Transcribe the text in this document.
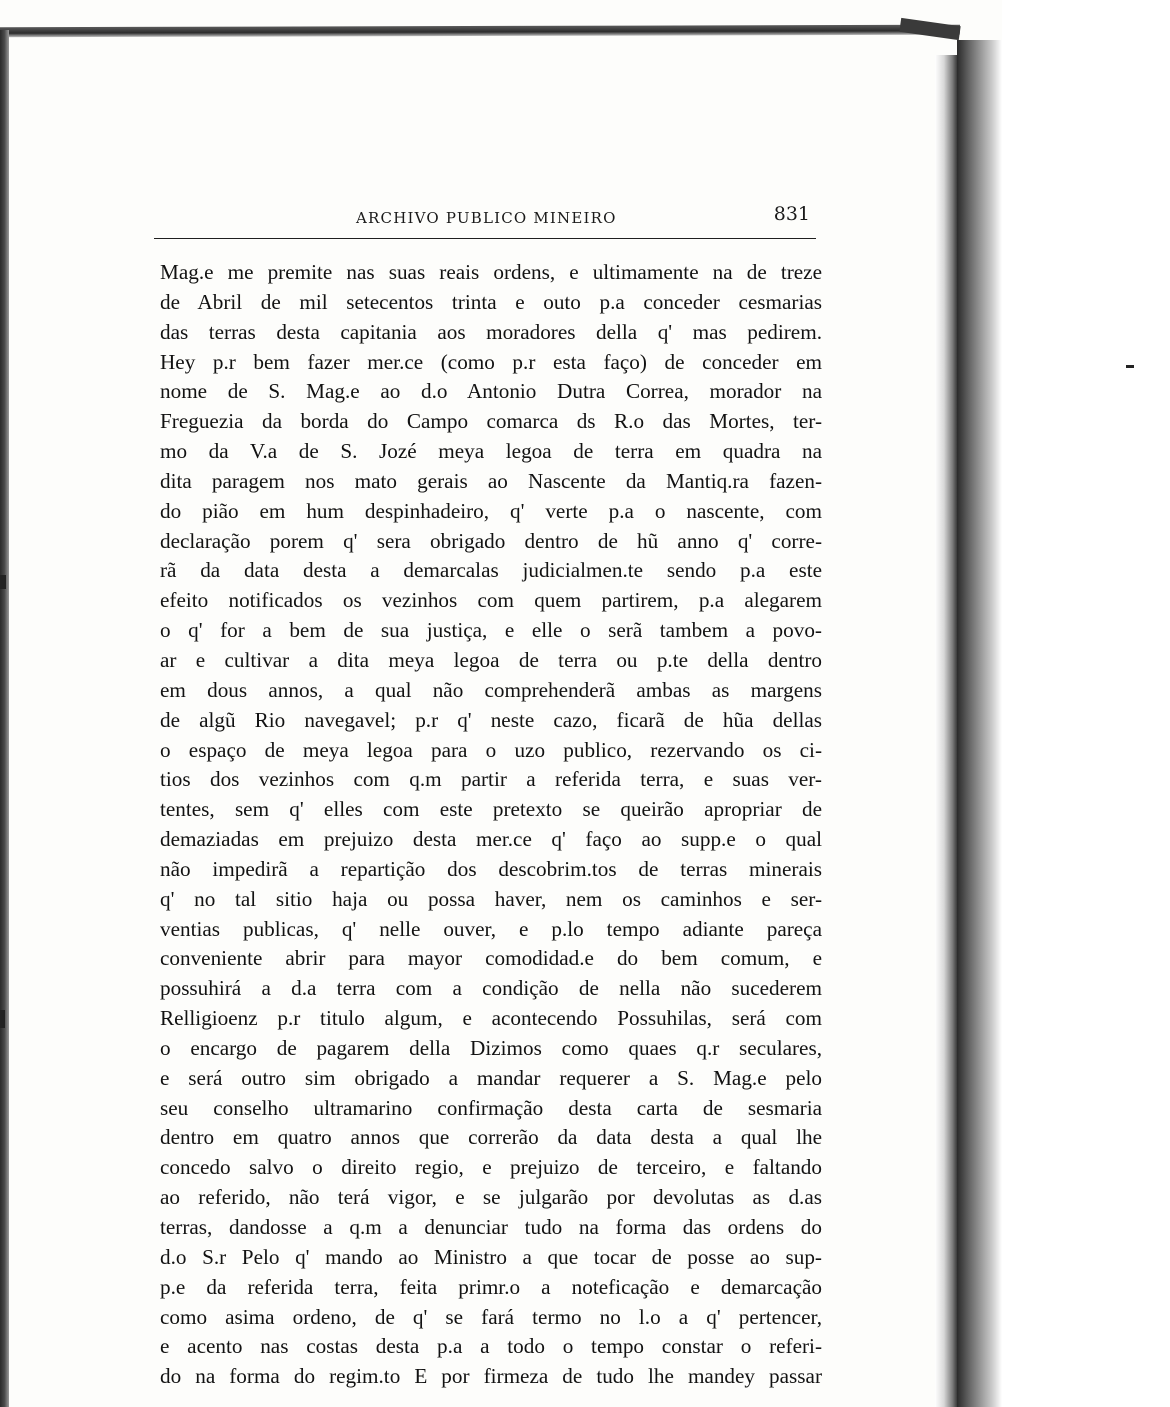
ARCHIVO PUBLICO MINEIRO	831
Mag.e me premite nas suas reais ordens, e ultimamente na de treze
de Abril de mil setecentos trinta e outo p.a conceder cesmarias
das terras desta capitania aos moradores della q' mas pedirem.
Hey p.r bem fazer mer.ce (como p.r esta faço) de conceder em
nome de S. Mag.e ao d.o Antonio Dutra Correa, morador na
Freguezia da borda do Campo comarca ds R.o das Mortes, ter-
mo da V.a de S. Jozé meya legoa de terra em quadra na
dita paragem nos mato gerais ao Nascente da Mantiq.ra fazen-
do pião em hum despinhadeiro, q' verte p.a o nascente, com
declaração porem q' sera obrigado dentro de hũ anno q' corre-
rã da data desta a demarcalas judicialmen.te sendo p.a este
efeito notificados os vezinhos com quem partirem, p.a alegarem
o q' for a bem de sua justiça, e elle o serã tambem a povo-
ar e cultivar a dita meya legoa de terra ou p.te della dentro
em dous annos, a qual não comprehenderã ambas as margens
de algũ Rio navegavel; p.r q' neste cazo, ficarã de hũa dellas
o espaço de meya legoa para o uzo publico, rezervando os ci-
tios dos vezinhos com q.m partir a referida terra, e suas ver-
tentes, sem q' elles com este pretexto se queirão apropriar de
demaziadas em prejuizo desta mer.ce q' faço ao supp.e o qual
não impedirã a repartição dos descobrim.tos de terras minerais
q' no tal sitio haja ou possa haver, nem os caminhos e ser-
ventias publicas, q' nelle ouver, e p.lo tempo adiante pareça
conveniente abrir para mayor comodidad.e do bem comum, e
possuhirá a d.a terra com a condição de nella não sucederem
Relligioenz p.r titulo algum, e acontecendo Possuhilas, será com
o encargo de pagarem della Dizimos como quaes q.r seculares,
e será outro sim obrigado a mandar requerer a S. Mag.e pelo
seu conselho ultramarino confirmação desta carta de sesmaria
dentro em quatro annos que correrão da data desta a qual lhe
concedo salvo o direito regio, e prejuizo de terceiro, e faltando
ao referido, não terá vigor, e se julgarão por devolutas as d.as
terras, dandosse a q.m a denunciar tudo na forma das ordens do
d.o S.r Pelo q' mando ao Ministro a que tocar de posse ao sup-
p.e da referida terra, feita primr.o a noteficação e demarcação
como asima ordeno, de q' se fará termo no l.o a q' pertencer,
e acento nas costas desta p.a a todo o tempo constar o referi-
do na forma do regim.to E por firmeza de tudo lhe mandey passar
